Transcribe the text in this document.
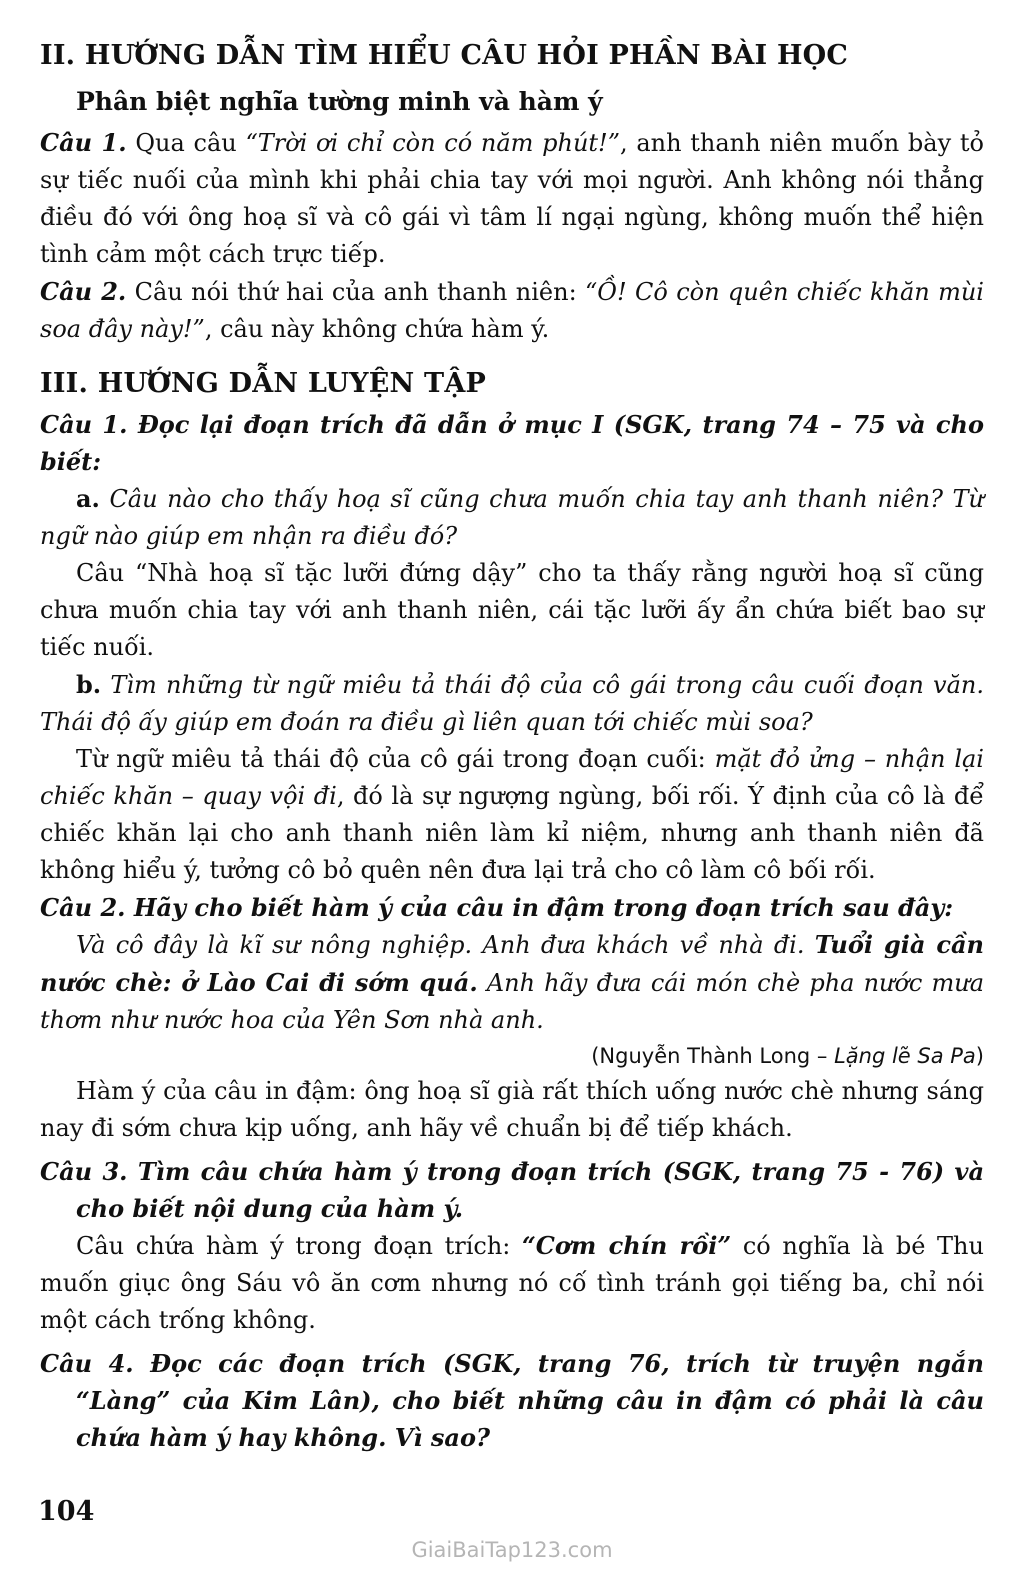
II. HƯỚNG DẪN TÌM HIỂU CÂU HỎI PHẦN BÀI HỌC
Phân biệt nghĩa tường minh và hàm ý

Câu 1. Qua câu “Trời ơi chỉ còn có năm phút!”, anh thanh niên muốn bày tỏ sự tiếc nuối của mình khi phải chia tay với mọi người. Anh không nói thẳng điều đó với ông hoạ sĩ và cô gái vì tâm lí ngại ngùng, không muốn thể hiện tình cảm một cách trực tiếp.

Câu 2. Câu nói thứ hai của anh thanh niên: “Ồ! Cô còn quên chiếc khăn mùi soa đây này!”, câu này không chứa hàm ý.

III. HƯỚNG DẪN LUYỆN TẬP

Câu 1. Đọc lại đoạn trích đã dẫn ở mục I (SGK, trang 74 – 75 và cho biết:

a. Câu nào cho thấy hoạ sĩ cũng chưa muốn chia tay anh thanh niên? Từ ngữ nào giúp em nhận ra điều đó?

Câu “Nhà hoạ sĩ tặc lưỡi đứng dậy” cho ta thấy rằng người hoạ sĩ cũng chưa muốn chia tay với anh thanh niên, cái tặc lưỡi ấy ẩn chứa biết bao sự tiếc nuối.

b. Tìm những từ ngữ miêu tả thái độ của cô gái trong câu cuối đoạn văn. Thái độ ấy giúp em đoán ra điều gì liên quan tới chiếc mùi soa?

Từ ngữ miêu tả thái độ của cô gái trong đoạn cuối: mặt đỏ ửng – nhận lại chiếc khăn – quay vội đi, đó là sự ngượng ngùng, bối rối. Ý định của cô là để chiếc khăn lại cho anh thanh niên làm kỉ niệm, nhưng anh thanh niên đã không hiểu ý, tưởng cô bỏ quên nên đưa lại trả cho cô làm cô bối rối.

Câu 2. Hãy cho biết hàm ý của câu in đậm trong đoạn trích sau đây:

Và cô đây là kĩ sư nông nghiệp. Anh đưa khách về nhà đi. Tuổi già cần nước chè: ở Lào Cai đi sớm quá. Anh hãy đưa cái món chè pha nước mưa thơm như nước hoa của Yên Sơn nhà anh.

(Nguyễn Thành Long – Lặng lẽ Sa Pa)

Hàm ý của câu in đậm: ông hoạ sĩ già rất thích uống nước chè nhưng sáng nay đi sớm chưa kịp uống, anh hãy về chuẩn bị để tiếp khách.

Câu 3. Tìm câu chứa hàm ý trong đoạn trích (SGK, trang 75 - 76) và cho biết nội dung của hàm ý.

Câu chứa hàm ý trong đoạn trích: “Cơm chín rồi” có nghĩa là bé Thu muốn giục ông Sáu vô ăn cơm nhưng nó cố tình tránh gọi tiếng ba, chỉ nói một cách trống không.

Câu 4. Đọc các đoạn trích (SGK, trang 76, trích từ truyện ngắn “Làng” của Kim Lân), cho biết những câu in đậm có phải là câu chứa hàm ý hay không. Vì sao?

104
GiaiBaiTap123.com
